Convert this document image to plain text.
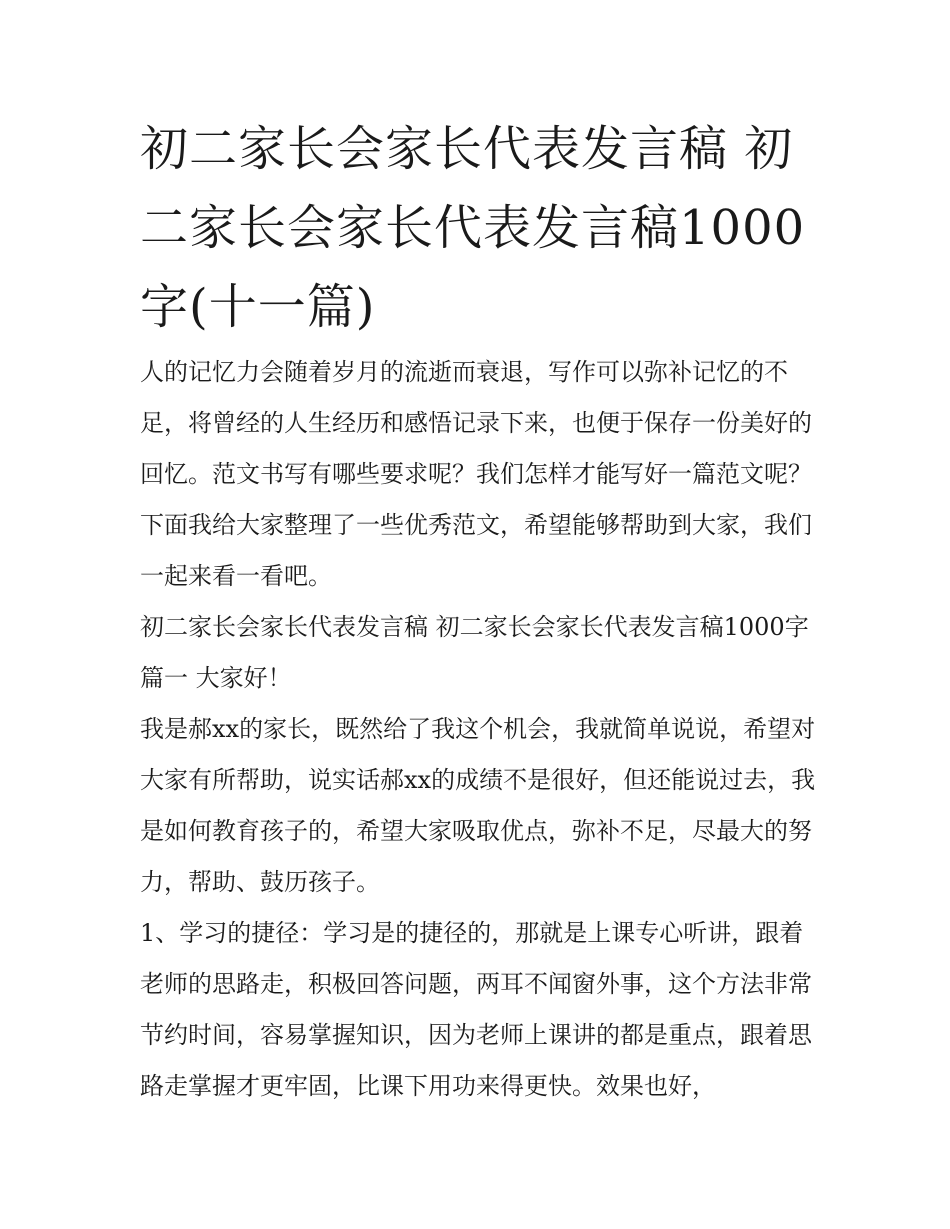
初二家长会家长代表发言稿 初二家长会家长代表发言稿1000字(十一篇)

人的记忆力会随着岁月的流逝而衰退，写作可以弥补记忆的不足，将曾经的人生经历和感悟记录下来，也便于保存一份美好的回忆。范文书写有哪些要求呢？我们怎样才能写好一篇范文呢？下面我给大家整理了一些优秀范文，希望能够帮助到大家，我们一起来看一看吧。

初二家长会家长代表发言稿 初二家长会家长代表发言稿1000字篇一 大家好！

我是郝xx的家长，既然给了我这个机会，我就简单说说，希望对大家有所帮助，说实话郝xx的成绩不是很好，但还能说过去，我是如何教育孩子的，希望大家吸取优点，弥补不足，尽最大的努力，帮助、鼓历孩子。

1、学习的捷径：学习是的捷径的，那就是上课专心听讲，跟着老师的思路走，积极回答问题，两耳不闻窗外事，这个方法非常节约时间，容易掌握知识，因为老师上课讲的都是重点，跟着思路走掌握才更牢固，比课下用功来得更快。效果也好，
